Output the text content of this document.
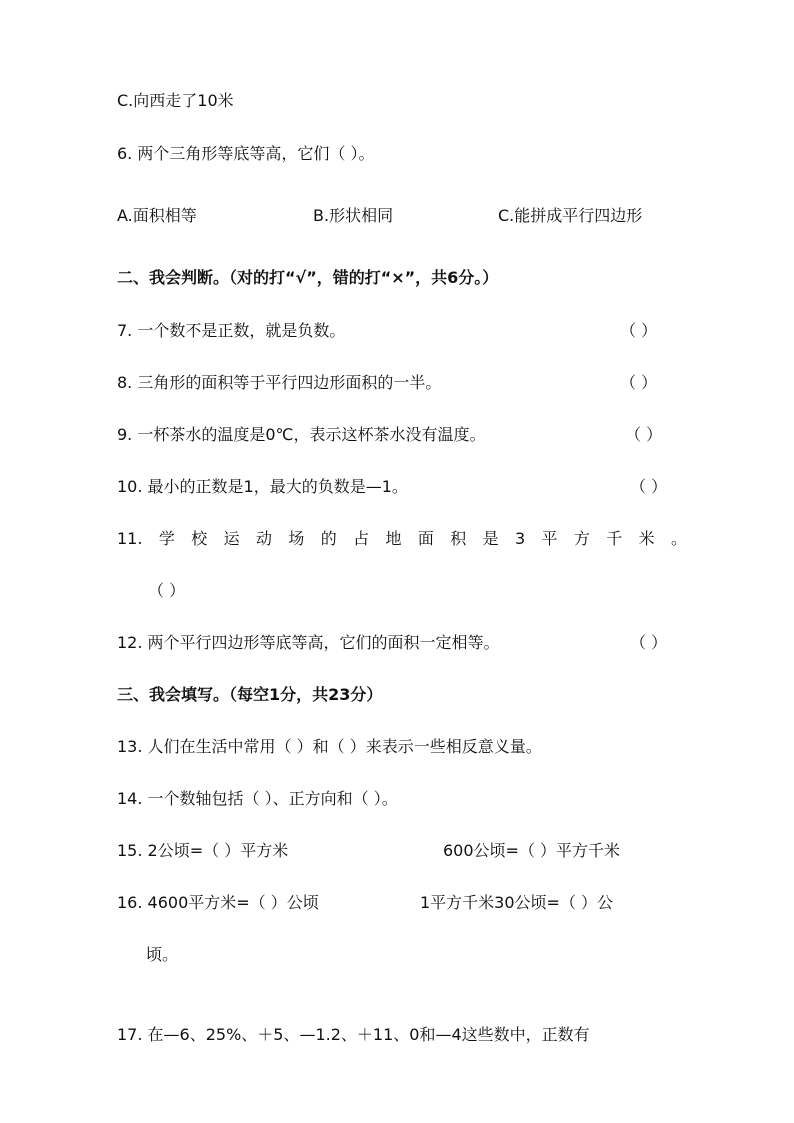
C.向西走了10米
6. 两个三角形等底等高，它们（ ）。
A.面积相等	B.形状相同	C.能拼成平行四边形
二、我会判断。（对的打“√”，错的打“×”，共6分。）
7. 一个数不是正数，就是负数。	（ ）
8. 三角形的面积等于平行四边形面积的一半。	（ ）
9. 一杯茶水的温度是0℃，表示这杯茶水没有温度。	（ ）
10. 最小的正数是1，最大的负数是—1。	（ ）
11. 学 校 运 动 场 的 占 地 面 积 是 3 平 方 千 米 。
（ ）
12. 两个平行四边形等底等高，它们的面积一定相等。	（ ）
三、我会填写。（每空1分，共23分）
13. 人们在生活中常用（ ）和（ ）来表示一些相反意义量。
14. 一个数轴包括（ ）、正方向和（ ）。
15. 2公顷=（ ）平方米	600公顷=（ ）平方千米
16. 4600平方米=（ ）公顷	1平方千米30公顷=（ ）公
顷。
17. 在—6、25%、＋5、—1.2、＋11、0和—4这些数中，正数有
